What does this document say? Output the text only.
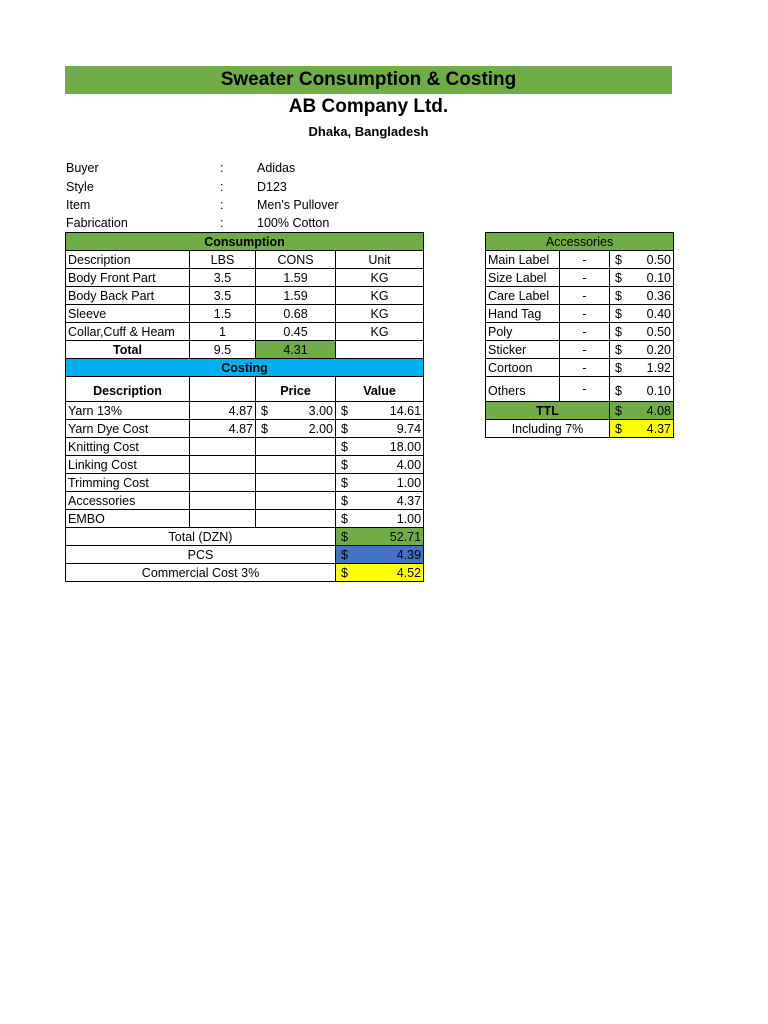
Sweater Consumption & Costing
AB Company Ltd.
Dhaka, Bangladesh
Buyer	:	Adidas
Style	:	D123
Item	:	Men's Pullover
Fabrication	:	100% Cotton
Consumption			
Description	LBS	CONS	Unit
Body Front Part	3.5	1.59	KG
Body Back Part	3.5	1.59	KG
Sleeve	1.5	0.68	KG
Collar,Cuff & Heam	1	0.45	KG
Total	9.5	4.31	
Costing			
Description		Price	Value
Yarn 13%	4.87	$ 3.00	$ 14.61

Yarn Dye Cost	4.87	$ 2.00	$ 9.74

Knitting Cost			$ 18.00

Linking Cost			$ 4.00

Trimming Cost			$ 1.00

Accessories			$ 4.37

EMBO			$ 1.00

Total (DZN)			$ 52.71

PCS			$ 4.39

Commercial Cost 3%			$ 4.52
Accessories		
Main Label	-	$ 0.50

Size Label	-	$ 0.10

Care Label	-	$ 0.36

Hand Tag	-	$ 0.40

Poly	-	$ 0.50

Sticker	-	$ 0.20

Cortoon	-	$ 1.92

Others	-	$ 0.10

TTL		$ 4.08

Including 7%		$ 4.37
